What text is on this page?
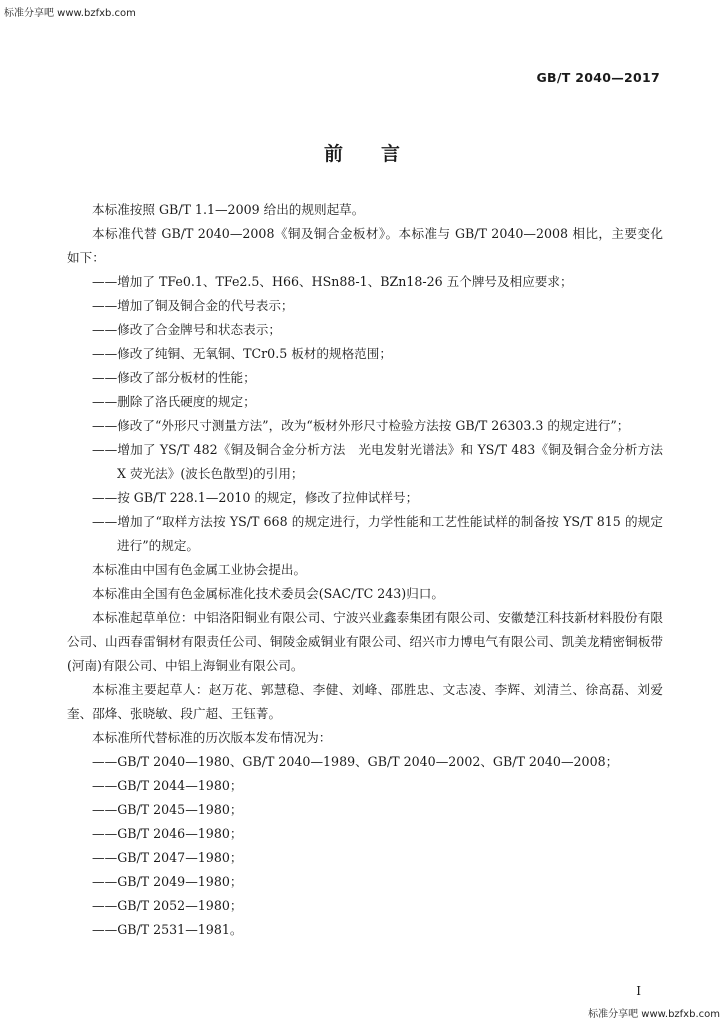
标准分享吧 www.bzfxb.com
GB/T 2040—2017
前言

本标准按照 GB/T 1.1—2009 给出的规则起草。

本标准代替 GB/T 2040—2008《铜及铜合金板材》。本标准与 GB/T 2040—2008 相比，主要变化如下：

——增加了 TFe0.1、TFe2.5、H66、HSn88-1、BZn18-26 五个牌号及相应要求；

——增加了铜及铜合金的代号表示；

——修改了合金牌号和状态表示；

——修改了纯铜、无氧铜、TCr0.5 板材的规格范围；

——修改了部分板材的性能；

——删除了洛氏硬度的规定；

——修改了“外形尺寸测量方法”，改为“板材外形尺寸检验方法按 GB/T 26303.3 的规定进行”；

——增加了 YS/T 482《铜及铜合金分析方法　光电发射光谱法》和 YS/T 483《铜及铜合金分析方法　X 荧光法》(波长色散型)的引用；

——按 GB/T 228.1—2010 的规定，修改了拉伸试样号；

——增加了“取样方法按 YS/T 668 的规定进行，力学性能和工艺性能试样的制备按 YS/T 815 的规定进行”的规定。

本标准由中国有色金属工业协会提出。

本标准由全国有色金属标准化技术委员会(SAC/TC 243)归口。

本标准起草单位：中铝洛阳铜业有限公司、宁波兴业鑫泰集团有限公司、安徽楚江科技新材料股份有限公司、山西春雷铜材有限责任公司、铜陵金威铜业有限公司、绍兴市力博电气有限公司、凯美龙精密铜板带(河南)有限公司、中铝上海铜业有限公司。

本标准主要起草人：赵万花、郭慧稳、李健、刘峰、邵胜忠、文志凌、李辉、刘清兰、徐高磊、刘爱奎、邵烽、张晓敏、段广超、王钰菁。

本标准所代替标准的历次版本发布情况为：

——GB/T 2040—1980、GB/T 2040—1989、GB/T 2040—2002、GB/T 2040—2008；

——GB/T 2044—1980；

——GB/T 2045—1980；

——GB/T 2046—1980；

——GB/T 2047—1980；

——GB/T 2049—1980；

——GB/T 2052—1980；

——GB/T 2531—1981。

I
标准分享吧 www.bzfxb.com
